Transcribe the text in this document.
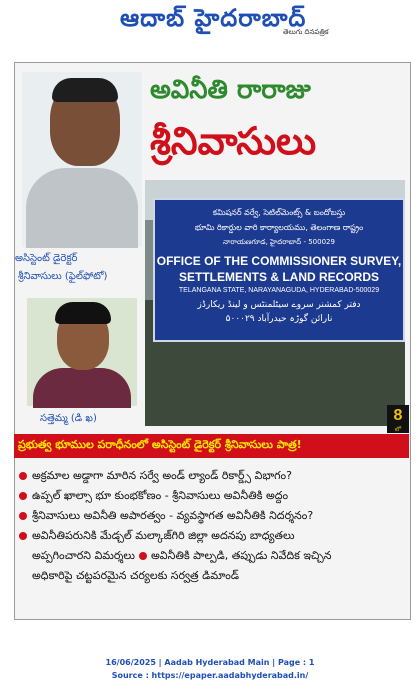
ఆదాబ్ హైదరాబాద్
తెలుగు దినపత్రిక
అసిస్టెంట్ డైరెక్టర్
శ్రీనివాసులు (ఫైల్‌ఫోటో)
సత్తెమ్మ (డి ఖ)
అవినీతి రారాజు
శ్రీనివాసులు
కమిషనర్ వర్వే, సెటిల్‌మెంట్స్ & బందోబస్తు
భూమి రికార్డుల వారి కార్యాలయము, తెలంగాణ రాష్ట్రం
నారాయణగూడ, హైదరాబాద్ - 500029
OFFICE OF THE COMMISSIONER SURVEY,
SETTLEMENTS & LAND RECORDS
TELANGANA STATE, NARAYANAGUDA, HYDERABAD-500029
دفتر کمشنر سروے سیٹلمنٹس و لینڈ ریکارڈز
نارائن گوڑہ حیدرآباد ۵۰۰۰۲۹
8
లో
ప్రభుత్వ భూముల పరాధీనంలో అసిస్టెంట్ డైరెక్టర్ శ్రీనివాసులు పాత్ర!
అక్రమాల అడ్డాగా మారిన సర్వే అండ్ ల్యాండ్ రికార్డ్స్ విభాగం?
ఉప్పల్ ఖాల్సా భూ కుంభకోణం - శ్రీనివాసులు అవినీతికి అద్దం
శ్రీనివాసులు అవినీతి అపారత్వం - వ్యవస్థాగత అవినీతికి నిదర్శనం?
అవినీతిపరునికి మేడ్చల్ మల్కాజ్‌గిరి జిల్లా అదనపు బాధ్యతలు
అప్పగించారని విమర్శలు అవినీతికి పాల్పడి, తప్పుడు నివేదిక ఇచ్చిన
అధికారిపై చట్టపరమైన చర్యలకు సర్వత్ర డిమాండ్
16/06/2025 | Aadab Hyderabad Main | Page : 1
Source : https://epaper.aadabhyderabad.in/
